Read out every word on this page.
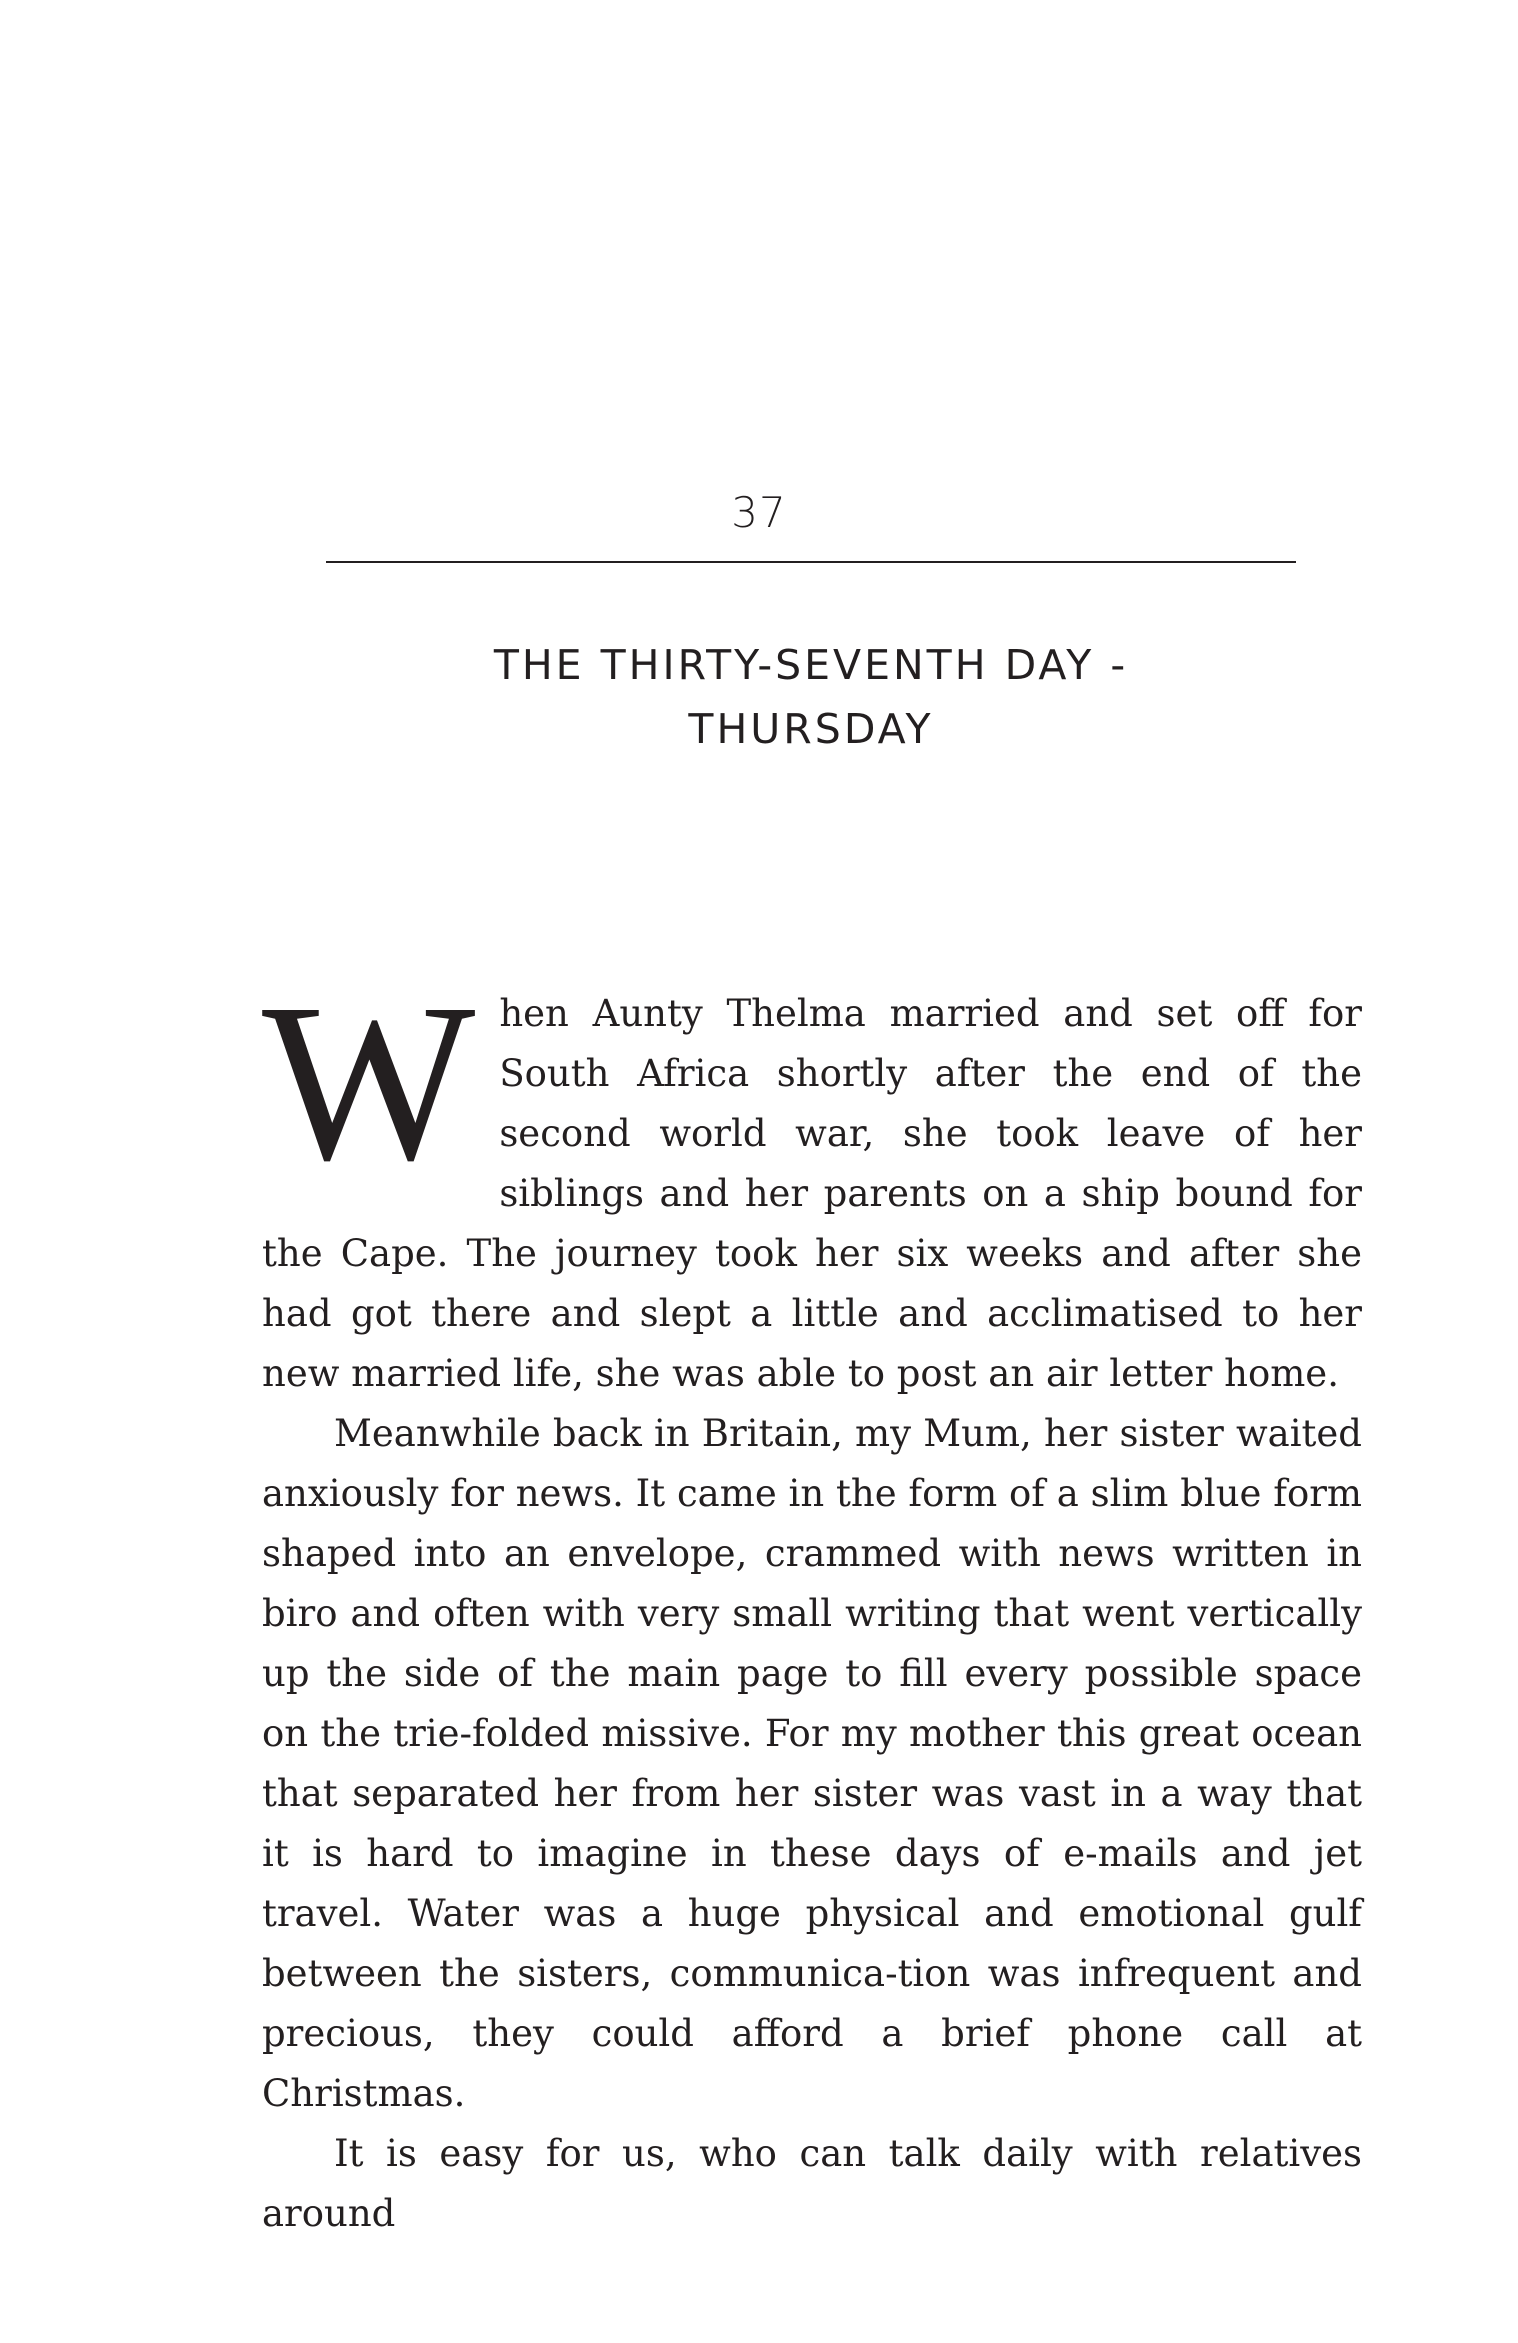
37
THE THIRTY-SEVENTH DAY -
THURSDAY

When Aunty Thelma married and set off for South Africa shortly after the end of the second world war, she took leave of her siblings and her parents on a ship bound for the Cape. The journey took her six weeks and after she had got there and slept a little and acclimatised to her new married life, she was able to post an air letter home.

Meanwhile back in Britain, my Mum, her sister waited anxiously for news. It came in the form of a slim blue form shaped into an envelope, crammed with news written in biro and often with very small writing that went vertically up the side of the main page to fill every possible space on the trie-folded missive. For my mother this great ocean that separated her from her sister was vast in a way that it is hard to imagine in these days of e-mails and jet travel. Water was a huge physical and emotional gulf between the sisters, communica-tion was infrequent and precious, they could afford a brief phone call at Christmas.

It is easy for us, who can talk daily with relatives around
